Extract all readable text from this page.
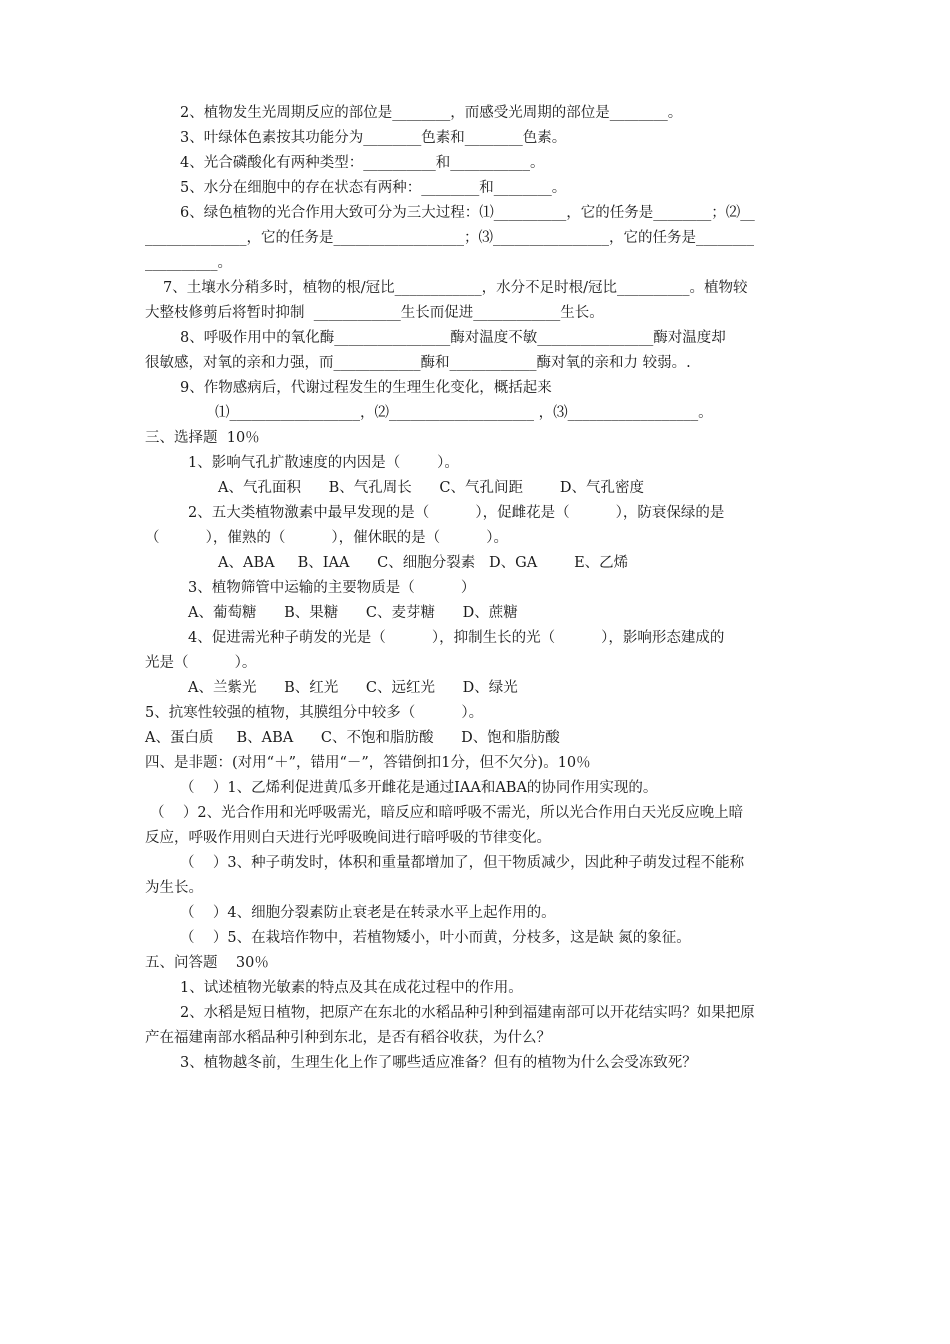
2、植物发生光周期反应的部位是________，而感受光周期的部位是________。
3、叶绿体色素按其功能分为________色素和________色素。
4、光合磷酸化有两种类型：__________和___________。
5、水分在细胞中的存在状态有两种：________和________。
6、绿色植物的光合作用大致可分为三大过程：⑴__________，它的任务是________；⑵__
______________，它的任务是__________________；⑶________________，它的任务是________
__________。
7、土壤水分稍多时，植物的根/冠比____________，水分不足时根/冠比__________。植物较
大整枝修剪后将暂时抑制  ____________生长而促进____________生长。
8、呼吸作用中的氧化酶________________酶对温度不敏________________酶对温度却
很敏感，对氧的亲和力强，而____________酶和____________酶对氧的亲和力 较弱。.
9、作物感病后，代谢过程发生的生理生化变化，概括起来
⑴__________________，⑵____________________ ，⑶__________________。
三、选择题  10％
1、影响气孔扩散速度的内因是（        ）。
A、气孔面积      B、气孔周长      C、气孔间距        D、气孔密度
2、五大类植物激素中最早发现的是（          ），促雌花是（          ），防衰保绿的是
（          ），催熟的（          ），催休眠的是（          ）。
A、ABA     B、IAA      C、细胞分裂素   D、GA        E、乙烯
3、植物筛管中运输的主要物质是（          ）
A、葡萄糖      B、果糖      C、麦芽糖      D、蔗糖
4、促进需光种子萌发的光是（          ），抑制生长的光（          ），影响形态建成的
光是（          ）。
A、兰紫光      B、红光      C、远红光      D、绿光
5、抗寒性较强的植物，其膜组分中较多（          ）。
A、蛋白质     B、ABA      C、不饱和脂肪酸      D、饱和脂肪酸
四、是非题：(对用“＋”，错用“－”，答错倒扣1分，但不欠分)。10％
（    ）1、乙烯利促进黄瓜多开雌花是通过IAA和ABA的协同作用实现的。
（    ）2、光合作用和光呼吸需光，暗反应和暗呼吸不需光，所以光合作用白天光反应晚上暗
反应，呼吸作用则白天进行光呼吸晚间进行暗呼吸的节律变化。
（    ）3、种子萌发时，体积和重量都增加了，但干物质减少，因此种子萌发过程不能称
为生长。
（    ）4、细胞分裂素防止衰老是在转录水平上起作用的。
（    ）5、在栽培作物中，若植物矮小，叶小而黄，分枝多，这是缺 氮的象征。
五、问答题    30％
1、试述植物光敏素的特点及其在成花过程中的作用。
2、水稻是短日植物，把原产在东北的水稻品种引种到福建南部可以开花结实吗？如果把原
产在福建南部水稻品种引种到东北，是否有稻谷收获，为什么？
3、植物越冬前，生理生化上作了哪些适应准备？但有的植物为什么会受冻致死？
